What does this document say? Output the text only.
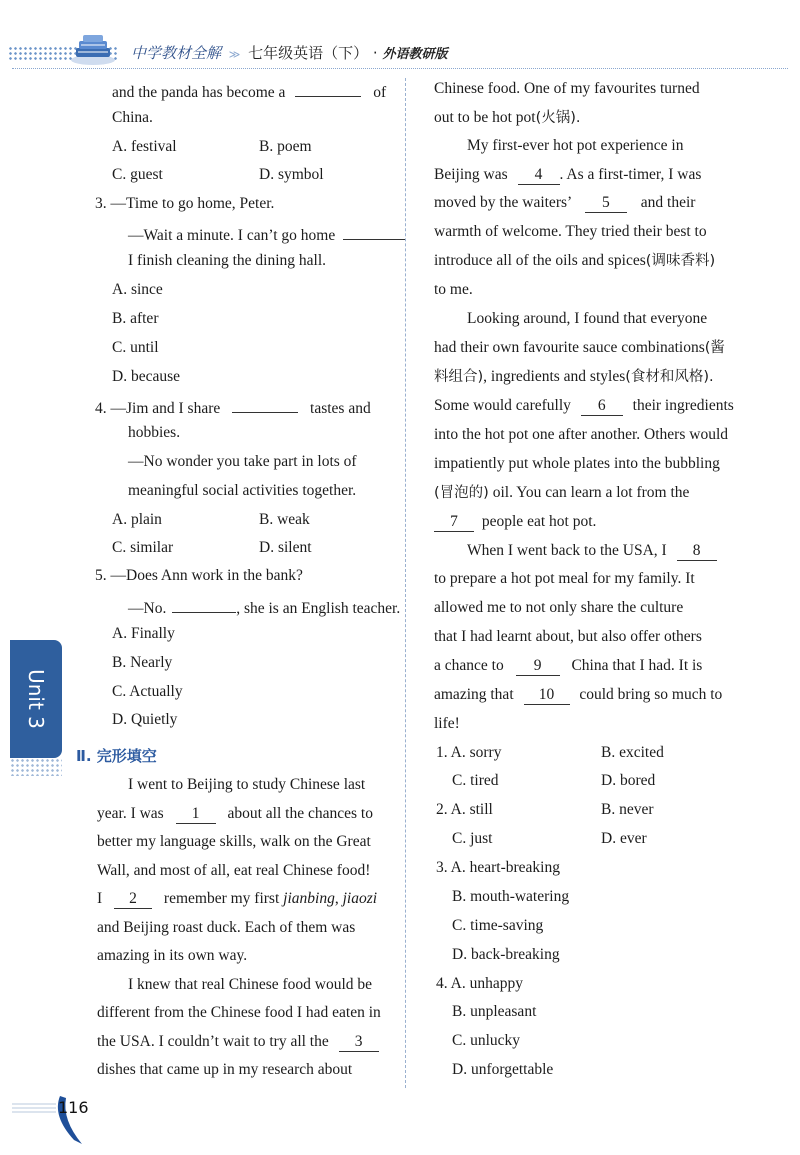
中学教材全解 ≫ 七年级英语（下） · 外语教研版
Unit 3
and the panda has become a	of
China.
A. festival	B. poem
C. guest	D. symbol
3. —Time to go home, Peter.
—Wait a minute. I can’t go home
I finish cleaning the dining hall.
A. since
B. after
C. until
D. because
4. —Jim and I share	tastes and
hobbies.
—No wonder you take part in lots of
meaningful social activities together.
A. plain	B. weak
C. similar	D. silent
5. —Does Ann work in the bank?
—No.	, she is an English teacher.
A. Finally
B. Nearly
C. Actually
D. Quietly
Ⅱ. 完形填空
I went to Beijing to study Chinese last
year. I was 1 about all the chances to
better my language skills, walk on the Great
Wall, and most of all, eat real Chinese food!
I 2 remember my first jianbing, jiaozi
and Beijing roast duck. Each of them was
amazing in its own way.
I knew that real Chinese food would be
different from the Chinese food I had eaten in
the USA. I couldn’t wait to try all the 3
dishes that came up in my research about
Chinese food. One of my favourites turned
out to be hot pot(火锅).
My first-ever hot pot experience in
Beijing was 4 . As a first-timer, I was
moved by the waiters’ 5 and their
warmth of welcome. They tried their best to
introduce all of the oils and spices(调味香料)
to me.
Looking around, I found that everyone
had their own favourite sauce combinations(酱
料组合), ingredients and styles(食材和风格).
Some would carefully 6 their ingredients
into the hot pot one after another. Others would
impatiently put whole plates into the bubbling
(冒泡的) oil. You can learn a lot from the
7 people eat hot pot.
When I went back to the USA, I 8
to prepare a hot pot meal for my family. It
allowed me to not only share the culture
that I had learnt about, but also offer others
a chance to 9 China that I had. It is
amazing that 10 could bring so much to
life!
1. A. sorry	B. excited
C. tired	D. bored
2. A. still	B. never
C. just	D. ever
3. A. heart-breaking
B. mouth-watering
C. time-saving
D. back-breaking
4. A. unhappy
B. unpleasant
C. unlucky
D. unforgettable
116
